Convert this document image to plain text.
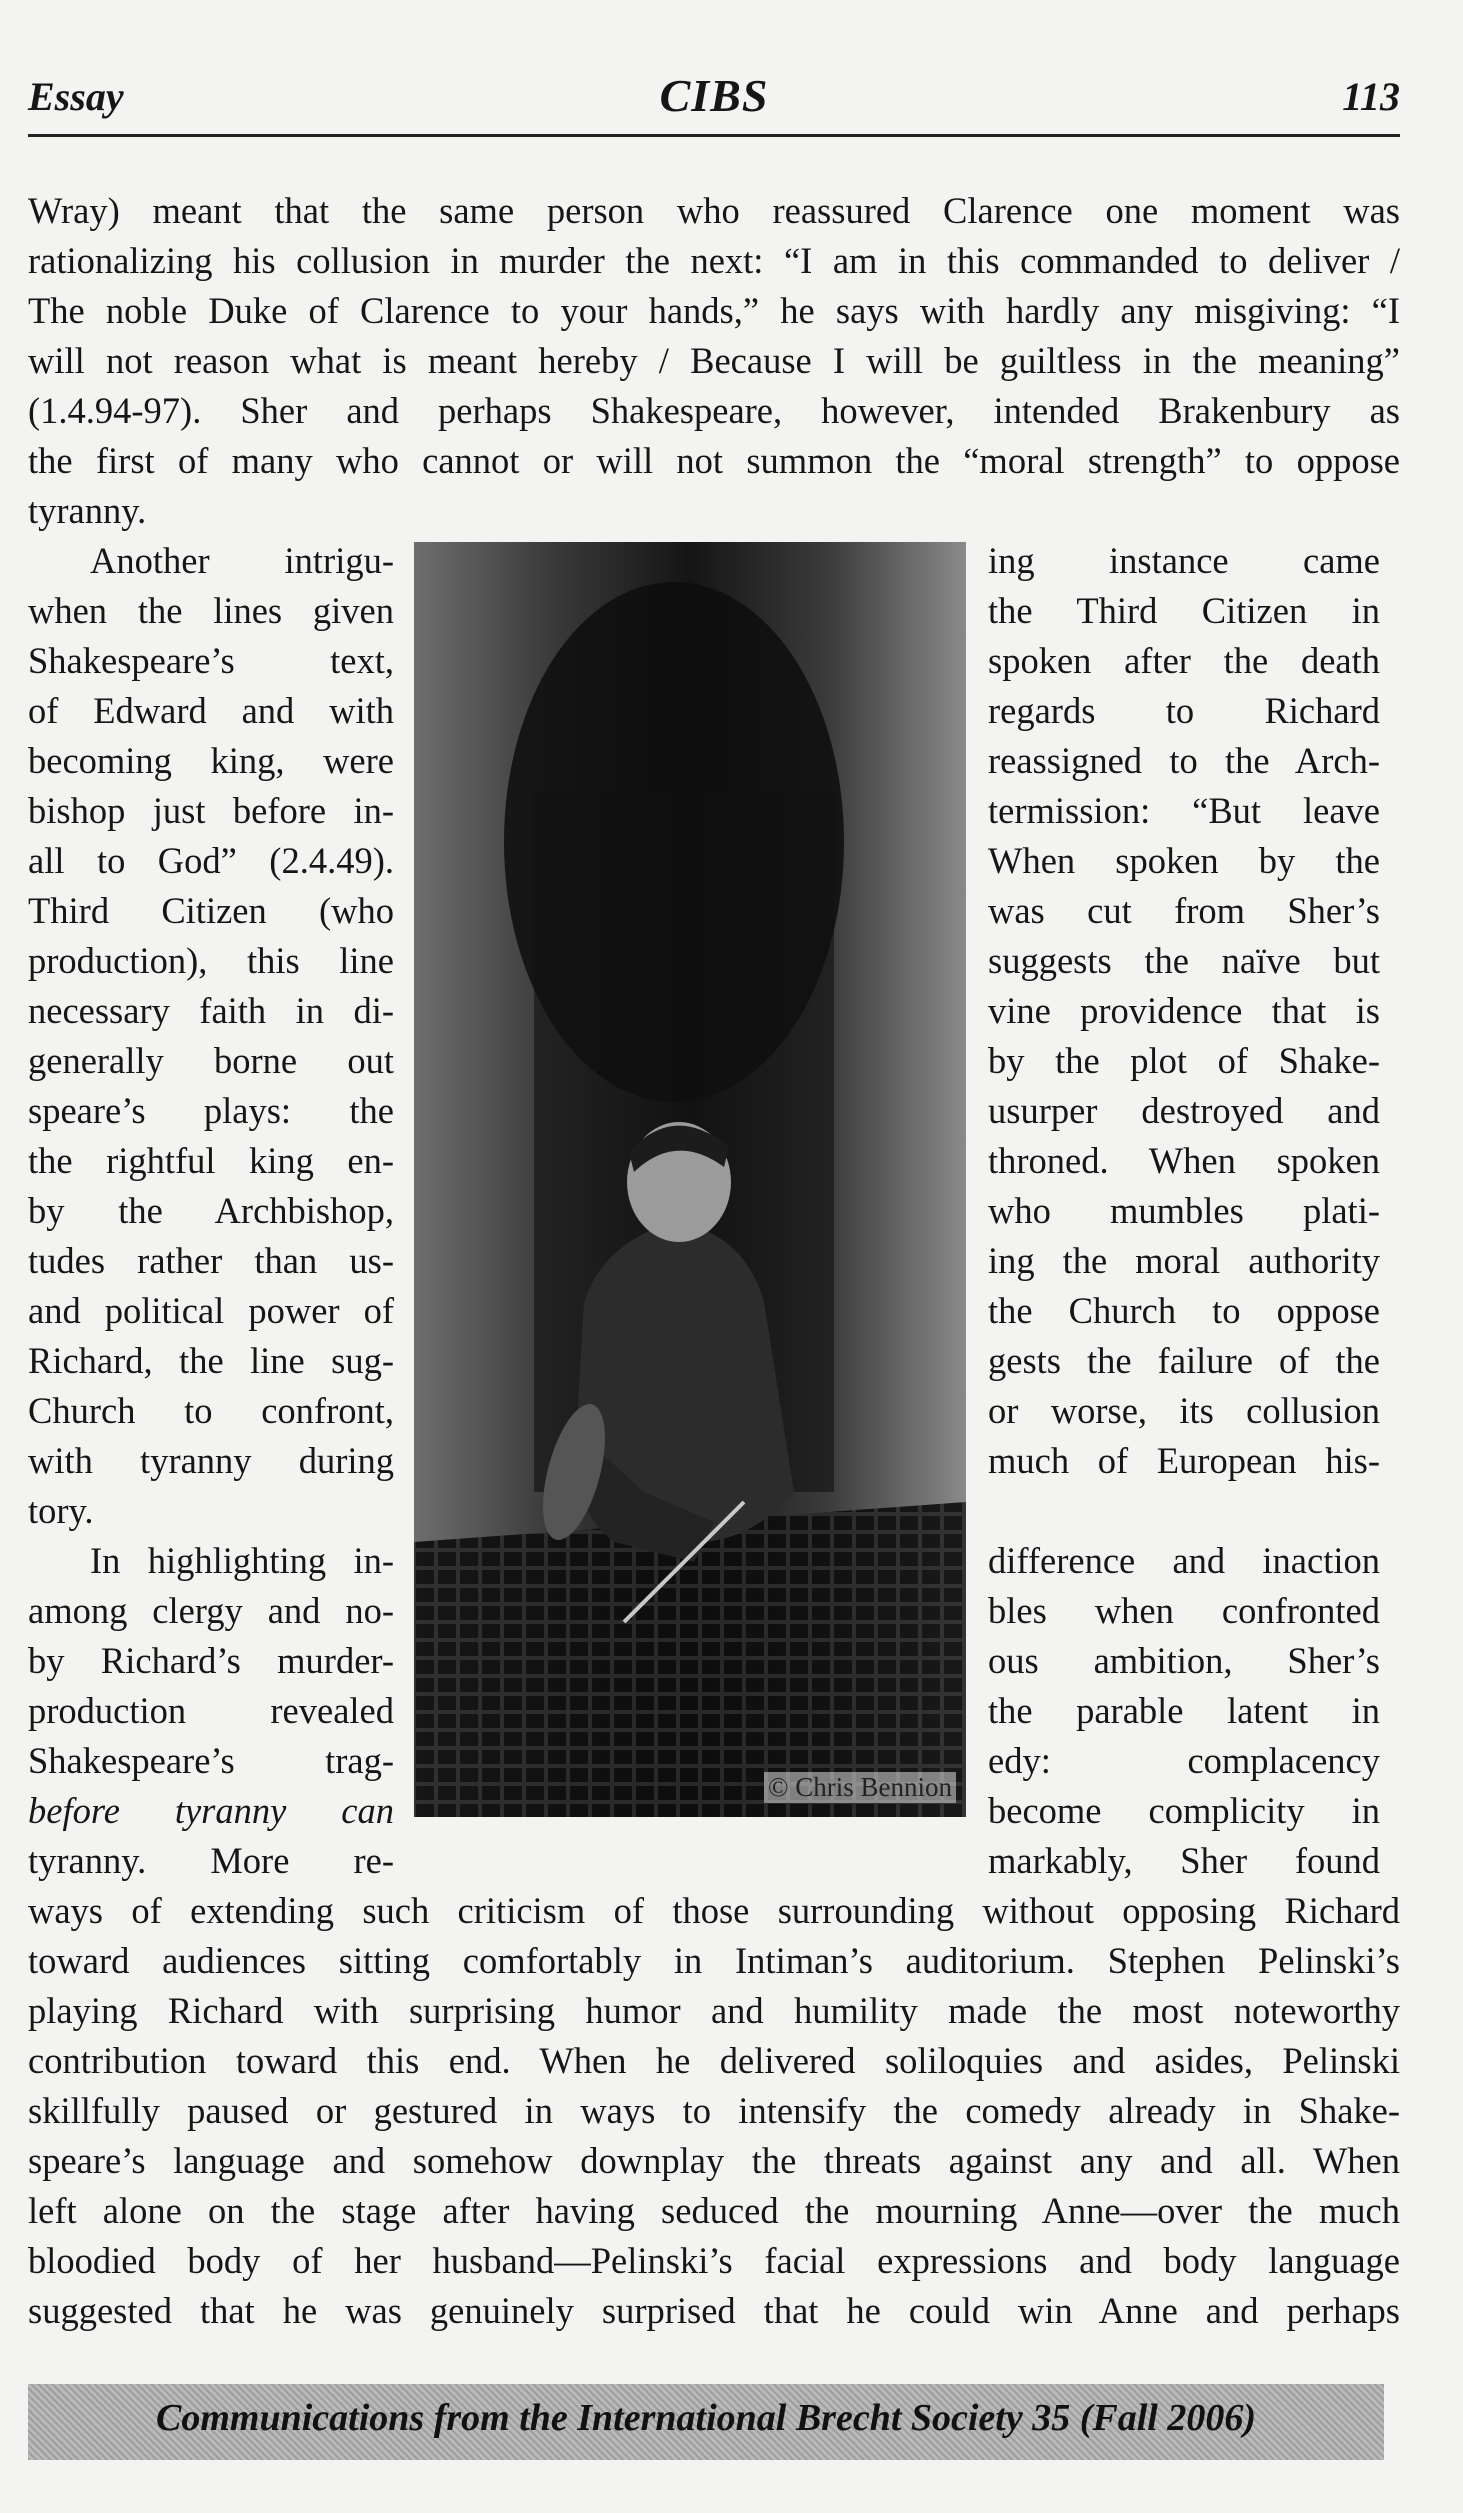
Essay	CIBS	113
Wray) meant that the same person who reassured Clarence one moment was
rationalizing his collusion in murder the next: “I am in this commanded to deliver /
The noble Duke of Clarence to your hands,” he says with hardly any misgiving: “I
will not reason what is meant hereby / Because I will be guiltless in the meaning”
(1.4.94-97). Sher and perhaps Shakespeare, however, intended Brakenbury as
the first of many who cannot or will not summon the “moral strength” to oppose
tyranny.
Another intrigu-
when the lines given
Shakespeare’s text,
of Edward and with
becoming king, were
bishop just before in-
all to God” (2.4.49).
Third Citizen (who
production), this line
necessary faith in di-
generally borne out
speare’s plays: the
the rightful king en-
by the Archbishop,
tudes rather than us-
and political power of
Richard, the line sug-
Church to confront,
with tyranny during
tory.
In highlighting in-
among clergy and no-
by Richard’s murder-
production revealed
Shakespeare’s trag-
before tyranny can
tyranny. More re-
ing instance came
the Third Citizen in
spoken after the death
regards to Richard
reassigned to the Arch-
termission: “But leave
When spoken by the
was cut from Sher’s
suggests the naïve but
vine providence that is
by the plot of Shake-
usurper destroyed and
throned. When spoken
who mumbles plati-
ing the moral authority
the Church to oppose
gests the failure of the
or worse, its collusion
much of European his-
difference and inaction
bles when confronted
ous ambition, Sher’s
the parable latent in
edy: complacency
become complicity in
markably, Sher found
© Chris Bennion
ways of extending such criticism of those surrounding without opposing Richard
toward audiences sitting comfortably in Intiman’s auditorium. Stephen Pelinski’s
playing Richard with surprising humor and humility made the most noteworthy
contribution toward this end. When he delivered soliloquies and asides, Pelinski
skillfully paused or gestured in ways to intensify the comedy already in Shake-
speare’s language and somehow downplay the threats against any and all. When
left alone on the stage after having seduced the mourning Anne—over the much
bloodied body of her husband—Pelinski’s facial expressions and body language
suggested that he was genuinely surprised that he could win Anne and perhaps
Communications from the International Brecht Society 35 (Fall 2006)
